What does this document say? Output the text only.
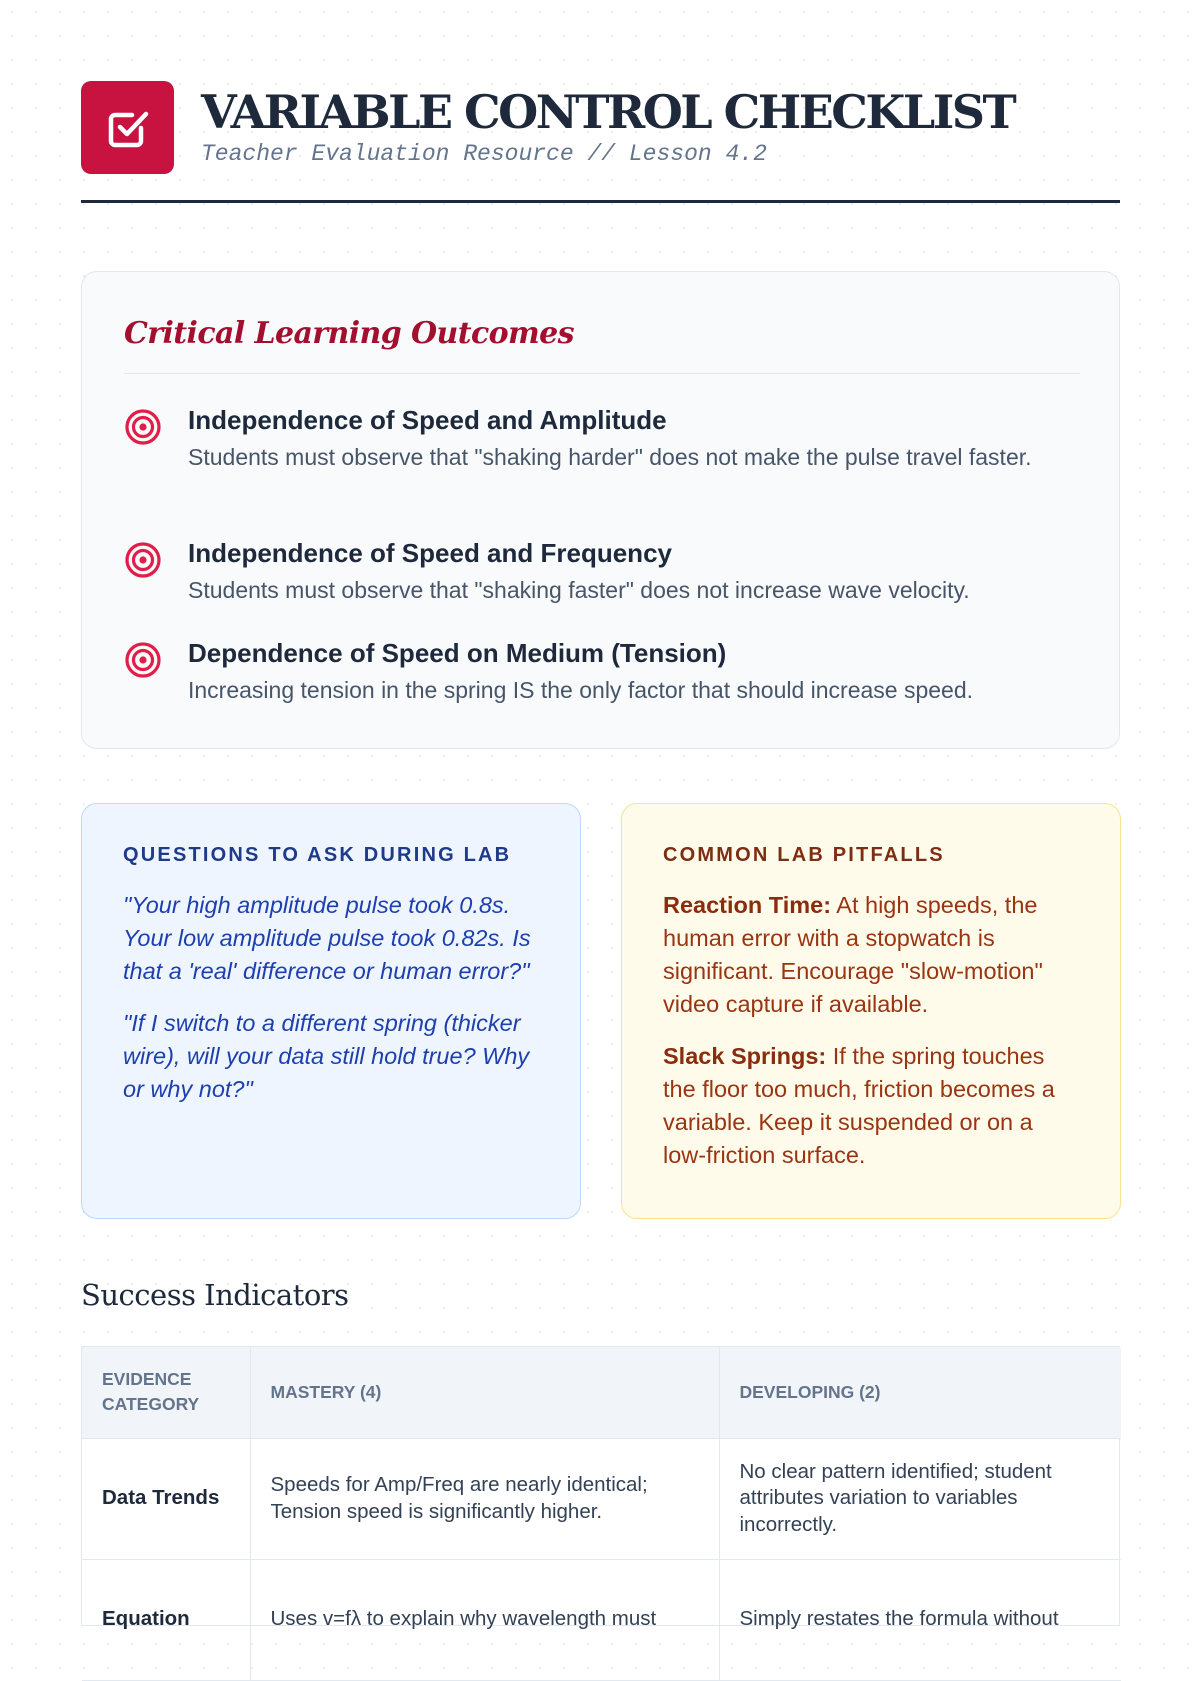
VARIABLE CONTROL CHECKLIST
Teacher Evaluation Resource // Lesson 4.2
Critical Learning Outcomes
Independence of Speed and Amplitude
Students must observe that "shaking harder" does not make the pulse travel faster.
Independence of Speed and Frequency
Students must observe that "shaking faster" does not increase wave velocity.
Dependence of Speed on Medium (Tension)
Increasing tension in the spring IS the only factor that should increase speed.
QUESTIONS TO ASK DURING LAB
"Your high amplitude pulse took 0.8s. Your low amplitude pulse took 0.82s. Is that a 'real' difference or human error?"
"If I switch to a different spring (thicker wire), will your data still hold true? Why or why not?"
COMMON LAB PITFALLS
Reaction Time: At high speeds, the human error with a stopwatch is significant. Encourage "slow-motion" video capture if available.
Slack Springs: If the spring touches the floor too much, friction becomes a variable. Keep it suspended or on a low-friction surface.
Success Indicators
EVIDENCE CATEGORY	MASTERY (4)	DEVELOPING (2)
Data Trends	Speeds for Amp/Freq are nearly identical; Tension speed is significantly higher.	No clear pattern identified; student attributes variation to variables incorrectly.
Equation	Uses v=fλ to explain why wavelength must	Simply restates the formula without
